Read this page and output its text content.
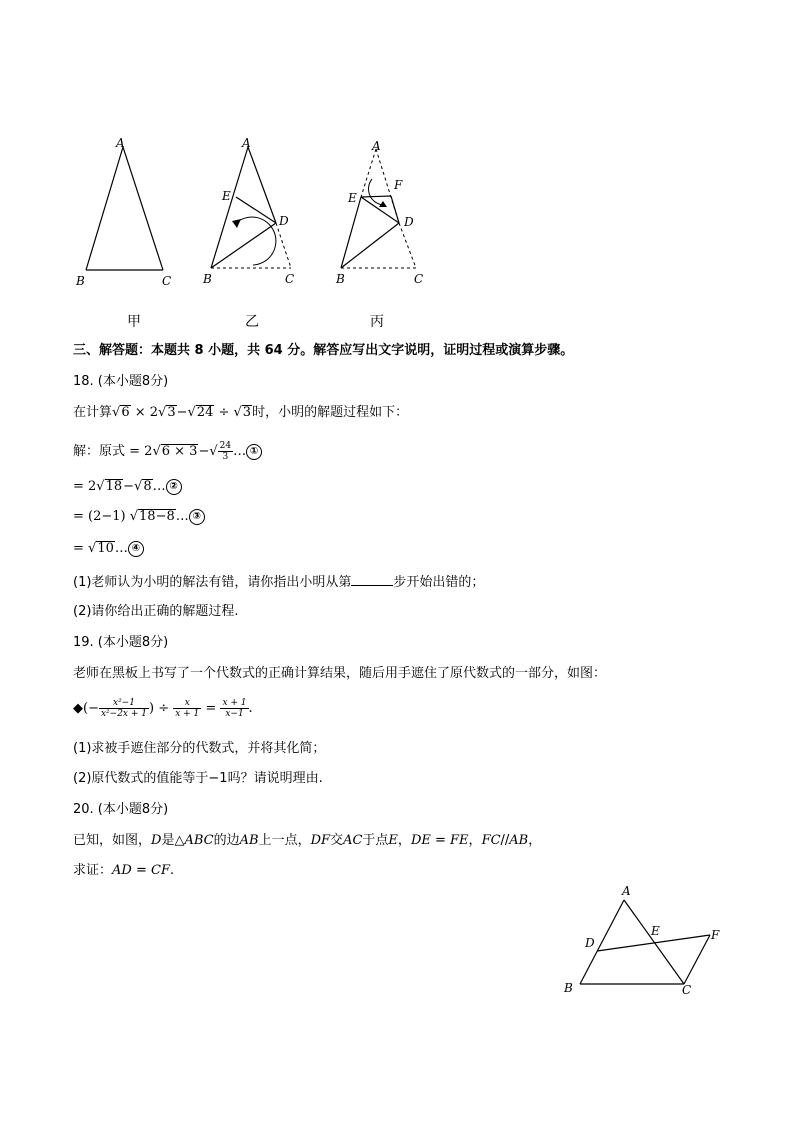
A
B	C
A
E
D
B	C
A
F
E
D
B	C
甲	乙	丙
三、解答题：本题共 8 小题，共 64 分。解答应写出文字说明，证明过程或演算步骤。
18. (本小题8分)
在计算√6 × 2√3−√24 ÷ √3时，小明的解题过程如下：
解：原式 = $2√6 \times 3-√ \frac{24}{3}$ … ①
= 2√18−√8… ②
= (2−1) √18−8… ③
= √10… ④
(1)老师认为小明的解法有错，请你指出小明从第	步开始出错的；
(2)请你给出正确的解题过程.
19. (本小题8分)
老师在黑板上书写了一个代数式的正确计算结果，随后用手遮住了原代数式的一部分，如图：
◆(− $\frac{\text{x²−1}}{\text{x²−2x + 1}}$ ) ÷ $\frac{x}{x + 1} = \frac{x + 1}{x-1}$ .
(1)求被手遮住部分的代数式，并将其化简；
(2)原代数式的值能等于−1吗？请说明理由.
20. (本小题8分)
已知，如图，D是△ABC的边AB上一点，DF交AC于点E，DE = FE，FC//AB，
求证：AD = CF.
A
D
E	F
B	C
